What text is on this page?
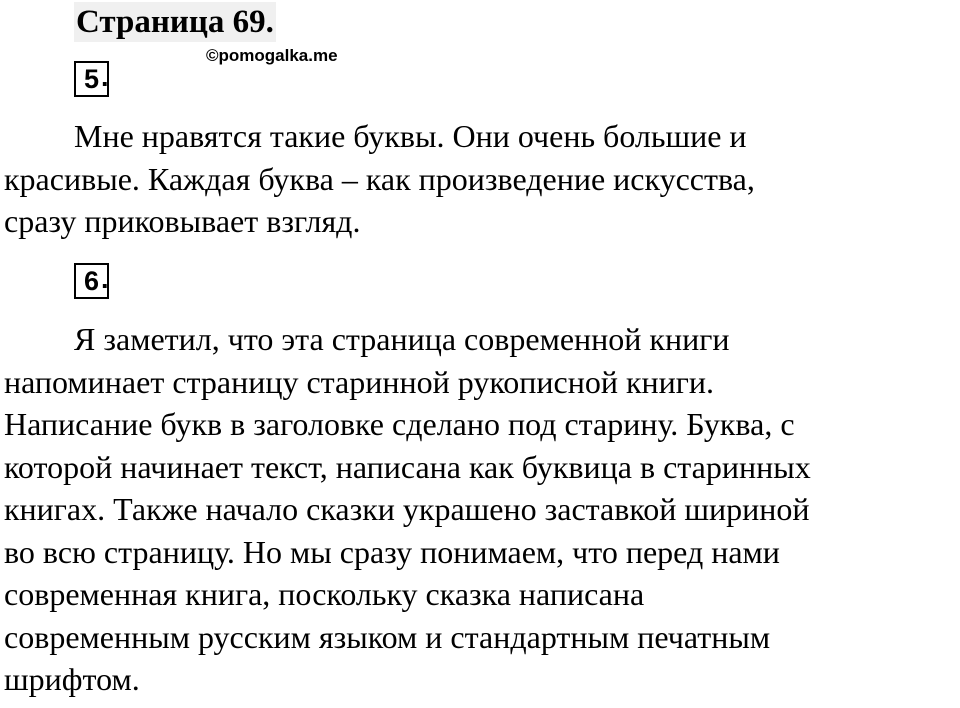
Страница 69.
©pomogalka.me
5.

Мне нравятся такие буквы. Они очень большие и
красивые. Каждая буква – как произведение искусства,
сразу приковывает взгляд.

6.

Я заметил, что эта страница современной книги
напоминает страницу старинной рукописной книги.
Написание букв в заголовке сделано под старину. Буква, с
которой начинает текст, написана как буквица в старинных
книгах. Также начало сказки украшено заставкой шириной
во всю страницу. Но мы сразу понимаем, что перед нами
современная книга, поскольку сказка написана
современным русским языком и стандартным печатным
шрифтом.
